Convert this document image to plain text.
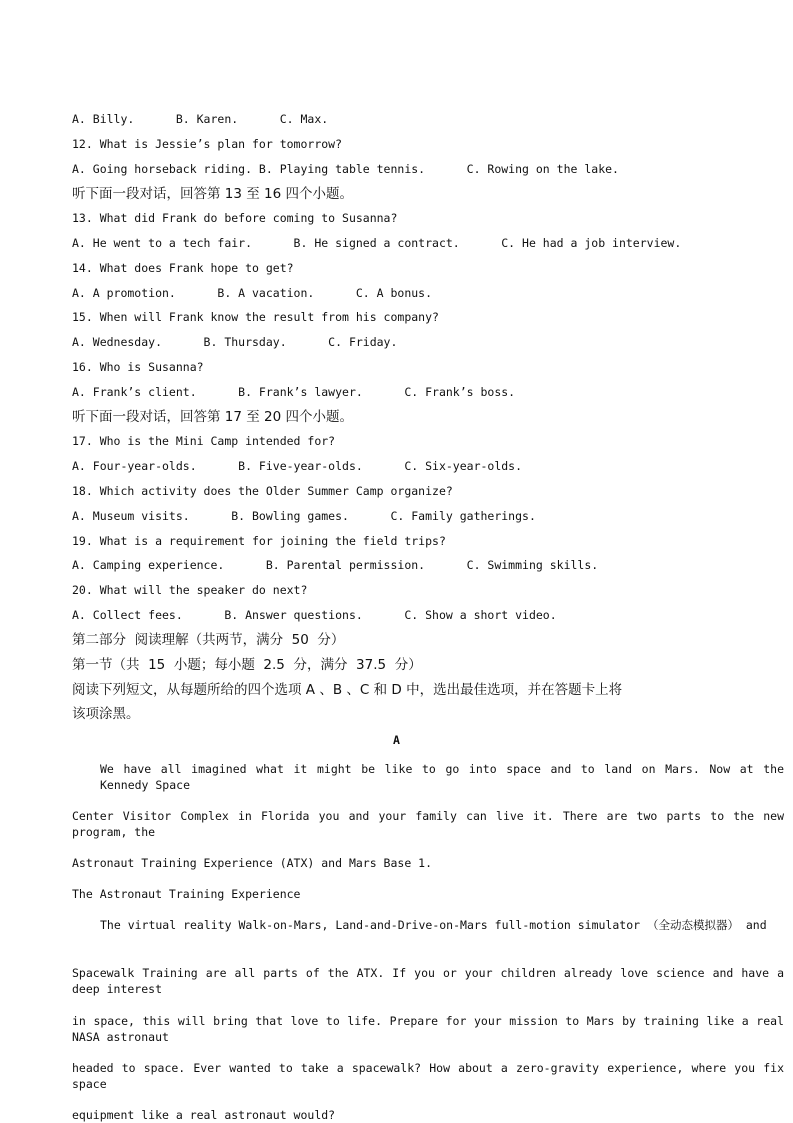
A. Billy.      B. Karen.      C. Max.
12. What is Jessie’s plan for tomorrow?
A. Going horseback riding. B. Playing table tennis.      C. Rowing on the lake.
听下面一段对话，回答第 13 至 16 四个小题。
13. What did Frank do before coming to Susanna?
A. He went to a tech fair.      B. He signed a contract.      C. He had a job interview.
14. What does Frank hope to get?
A. A promotion.      B. A vacation.      C. A bonus.
15. When will Frank know the result from his company?
A. Wednesday.      B. Thursday.      C. Friday.
16. Who is Susanna?
A. Frank’s client.      B. Frank’s lawyer.      C. Frank’s boss.
听下面一段对话，回答第 17 至 20 四个小题。
17. Who is the Mini Camp intended for?
A. Four-year-olds.      B. Five-year-olds.      C. Six-year-olds.
18. Which activity does the Older Summer Camp organize?
A. Museum visits.      B. Bowling games.      C. Family gatherings.
19. What is a requirement for joining the field trips?
A. Camping experience.      B. Parental permission.      C. Swimming skills.
20. What will the speaker do next?
A. Collect fees.      B. Answer questions.      C. Show a short video.
第二部分  阅读理解（共两节，满分  50  分）
第一节（共  15  小题；每小题  2.5  分，满分  37.5  分）
阅读下列短文，从每题所给的四个选项 A 、B 、C 和 D 中，选出最佳选项，并在答题卡上将
该项涂黑。
A
We have all imagined what it might be like to go into space and to land on Mars. Now at the Kennedy Space
Center Visitor Complex in Florida you and your family can live it. There are two parts to the new program, the
Astronaut Training Experience (ATX) and Mars Base 1.
The Astronaut Training Experience
The virtual reality Walk-on-Mars, Land-and-Drive-on-Mars full-motion simulator （全动态模拟器） and
Spacewalk Training are all parts of the ATX. If you or your children already love science and have a deep interest
in space, this will bring that love to life. Prepare for your mission to Mars by training like a real NASA astronaut
headed to space. Ever wanted to take a spacewalk? How about a zero-gravity experience, where you fix space
equipment like a real astronaut would?
